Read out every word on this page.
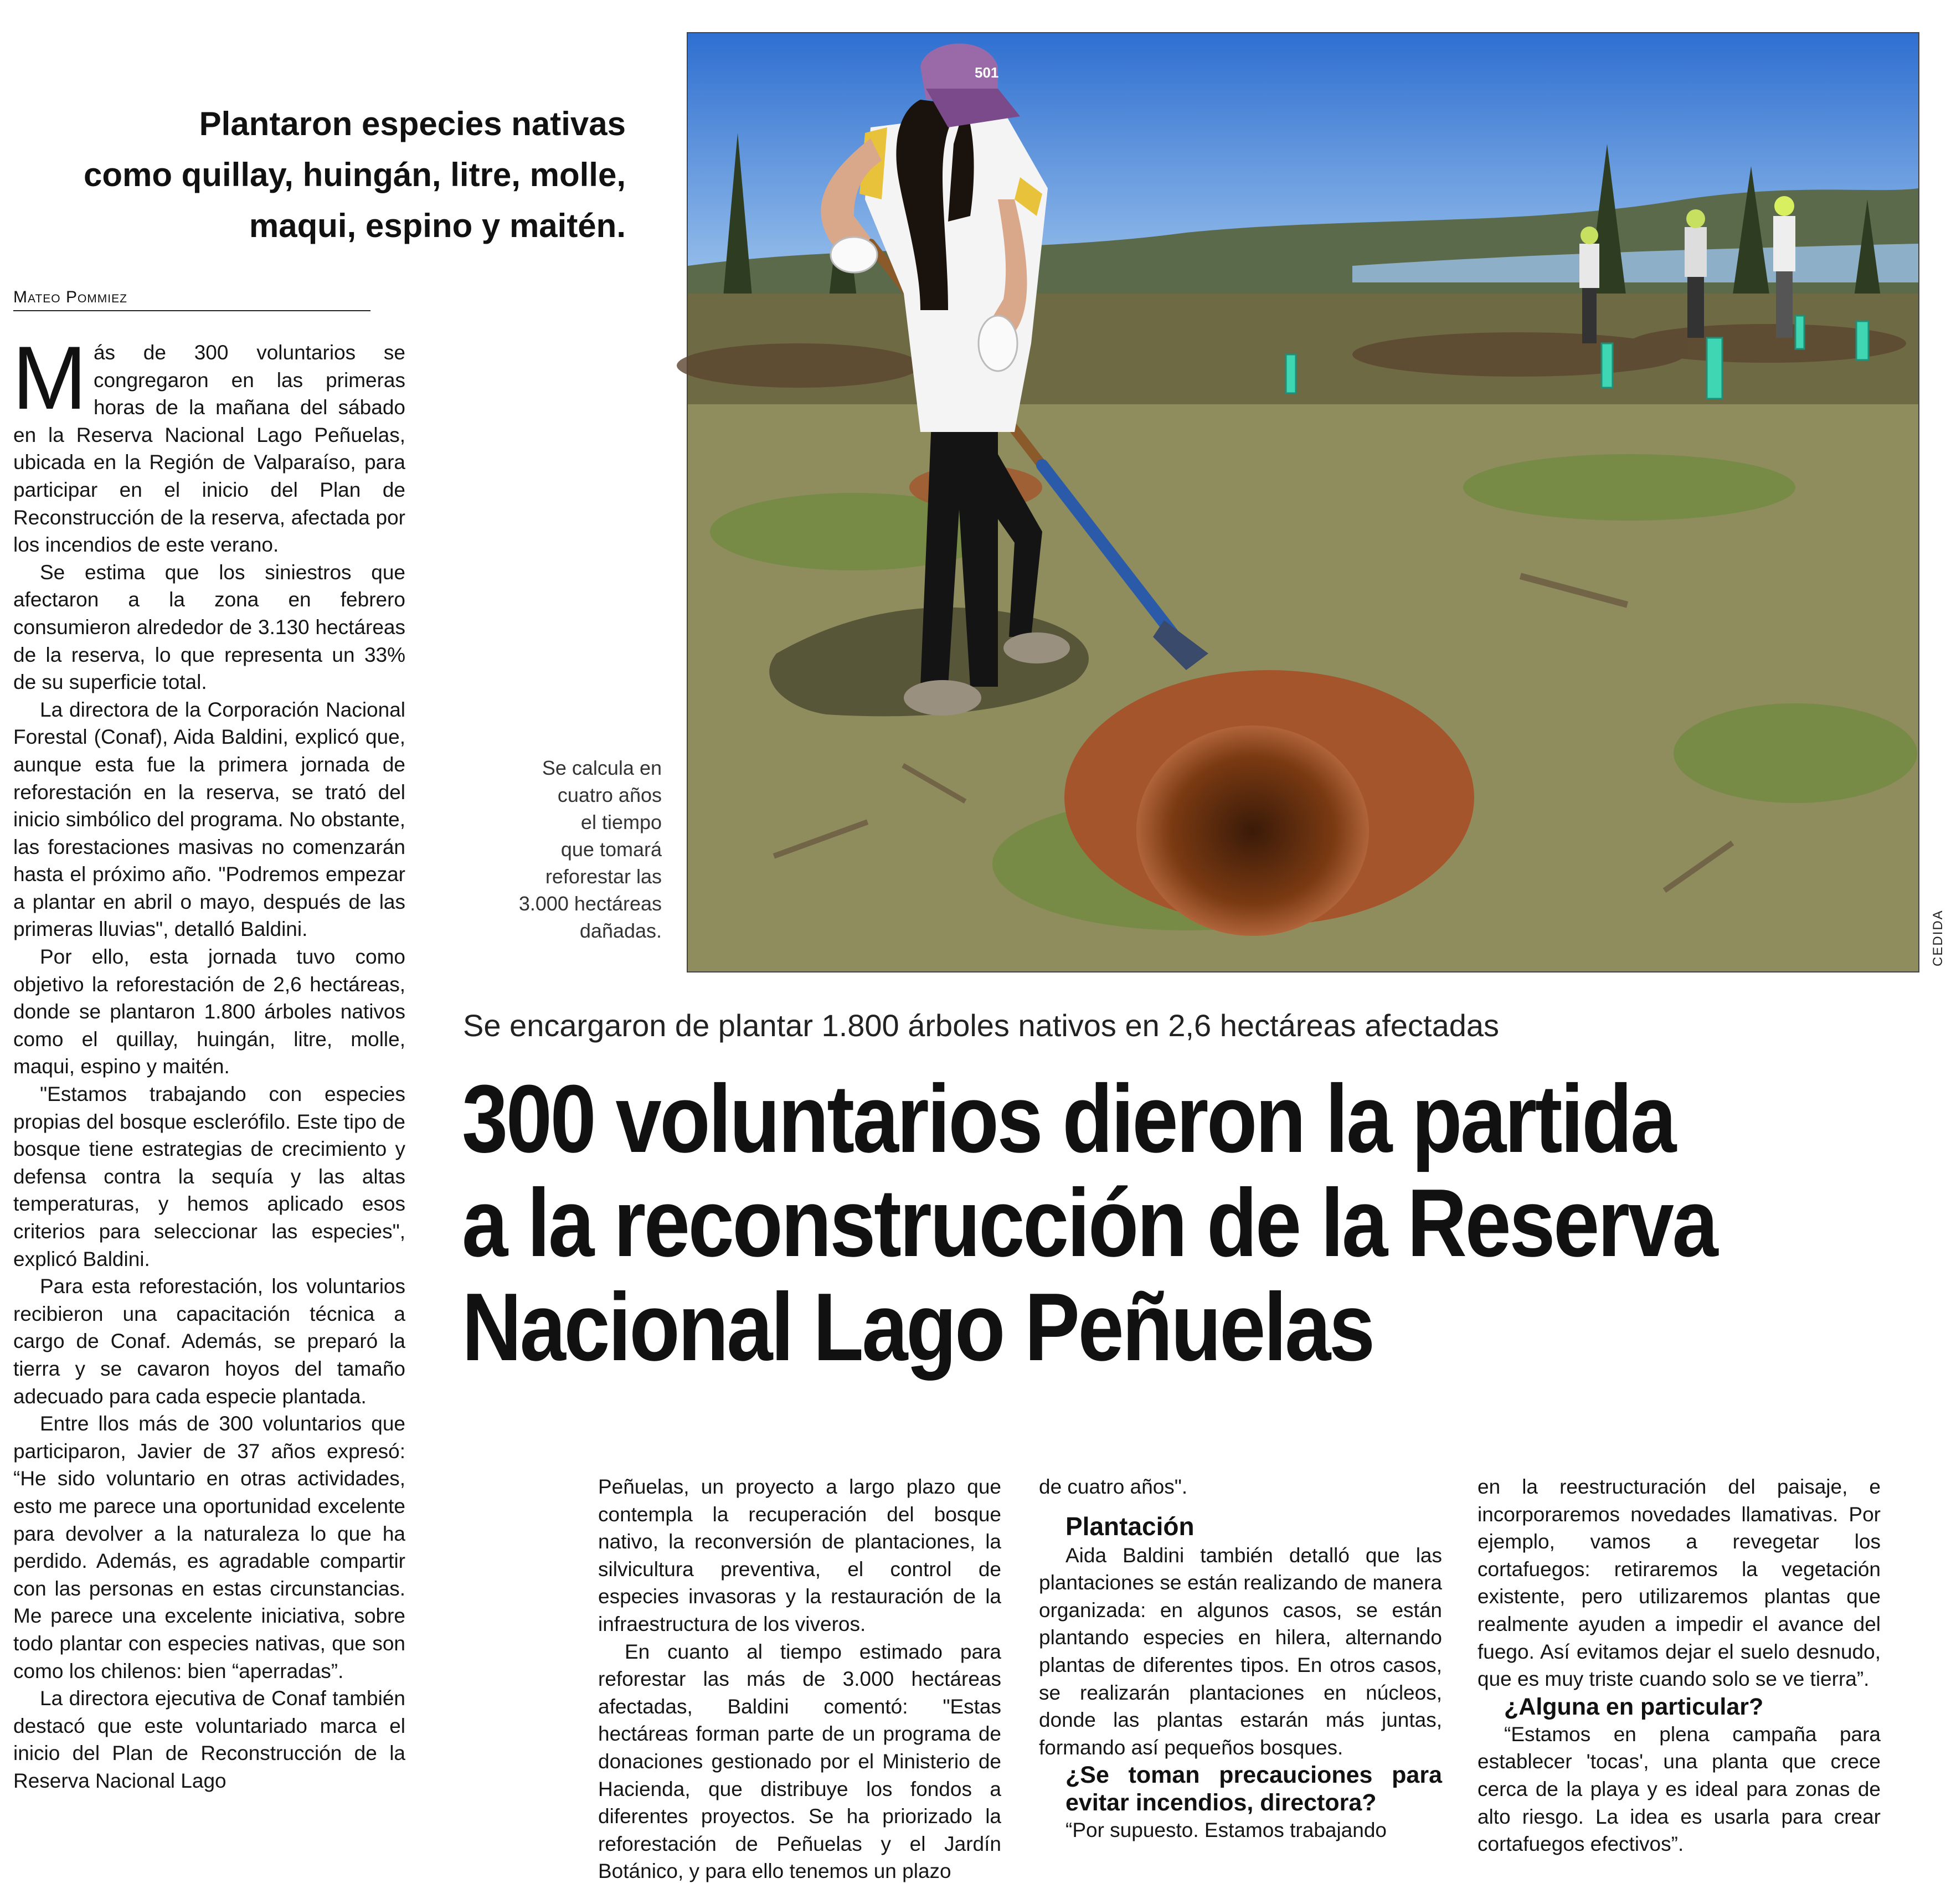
Plantaron especies nativas
como quillay, huingán, litre, molle,
maqui, espino y maitén.
Mateo Pommiez

Más de 300 voluntarios se congregaron en las primeras horas de la mañana del sábado en la Reserva Nacional Lago Peñuelas, ubicada en la Región de Valparaíso, para participar en el inicio del Plan de Reconstrucción de la reserva, afectada por los incendios de este verano.

Se estima que los siniestros que afectaron a la zona en febrero consumieron alrededor de 3.130 hectáreas de la reserva, lo que representa un 33% de su superficie total.

La directora de la Corporación Nacional Forestal (Conaf), Aida Baldini, explicó que, aunque esta fue la primera jornada de reforestación en la reserva, se trató del inicio simbólico del programa. No obstante, las forestaciones masivas no comenzarán hasta el próximo año. "Podremos empezar a plantar en abril o mayo, después de las primeras lluvias", detalló Baldini.

Por ello, esta jornada tuvo como objetivo la reforestación de 2,6 hectáreas, donde se plantaron 1.800 árboles nativos como el quillay, huingán, litre, molle, maqui, espino y maitén.

"Estamos trabajando con especies propias del bosque esclerófilo. Este tipo de bosque tiene estrategias de crecimiento y defensa contra la sequía y las altas temperaturas, y hemos aplicado esos criterios para seleccionar las especies", explicó Baldini.

Para esta reforestación, los voluntarios recibieron una capacitación técnica a cargo de Conaf. Además, se preparó la tierra y se cavaron hoyos del tamaño adecuado para cada especie plantada.

Entre llos más de 300 voluntarios que participaron, Javier de 37 años expresó: “He sido voluntario en otras actividades, esto me parece una oportunidad excelente para devolver a la naturaleza lo que ha perdido. Además, es agradable compartir con las personas en estas circunstancias. Me parece una excelente iniciativa, sobre todo plantar con especies nativas, que son como los chilenos: bien “aperradas”.

La directora ejecutiva de Conaf también destacó que este voluntariado marca el inicio del Plan de Reconstrucción de la Reserva Nacional Lago

Se calcula en
cuatro años
el tiempo
que tomará
reforestar las
3.000 hectáreas
dañadas.
501
CEDIDA
Se encargaron de plantar 1.800 árboles nativos en 2,6 hectáreas afectadas
300 voluntarios dieron la partida
a la reconstrucción de la Reserva
Nacional Lago Peñuelas

Peñuelas, un proyecto a largo plazo que contempla la recuperación del bosque nativo, la reconversión de plantaciones, la silvicultura preventiva, el control de especies invasoras y la restauración de la infraestructura de los viveros.

En cuanto al tiempo estimado para reforestar las más de 3.000 hectáreas afectadas, Baldini comentó: "Estas hectáreas forman parte de un programa de donaciones gestionado por el Ministerio de Hacienda, que distribuye los fondos a diferentes proyectos. Se ha priorizado la reforestación de Peñuelas y el Jardín Botánico, y para ello tenemos un plazo

de cuatro años".

Plantación

Aida Baldini también detalló que las plantaciones se están realizando de manera organizada: en algunos casos, se están plantando especies en hilera, alternando plantas de diferentes tipos. En otros casos, se realizarán plantaciones en núcleos, donde las plantas estarán más juntas, formando así pequeños bosques.

¿Se toman precauciones para evitar incendios, directora?

“Por supuesto. Estamos trabajando

en la reestructuración del paisaje, e incorporaremos novedades llamativas. Por ejemplo, vamos a revegetar los cortafuegos: retiraremos la vegetación existente, pero utilizaremos plantas que realmente ayuden a impedir el avance del fuego. Así evitamos dejar el suelo desnudo, que es muy triste cuando solo se ve tierra”.

¿Alguna en particular?

“Estamos en plena campaña para establecer 'tocas', una planta que crece cerca de la playa y es ideal para zonas de alto riesgo. La idea es usarla para crear cortafuegos efectivos”.
